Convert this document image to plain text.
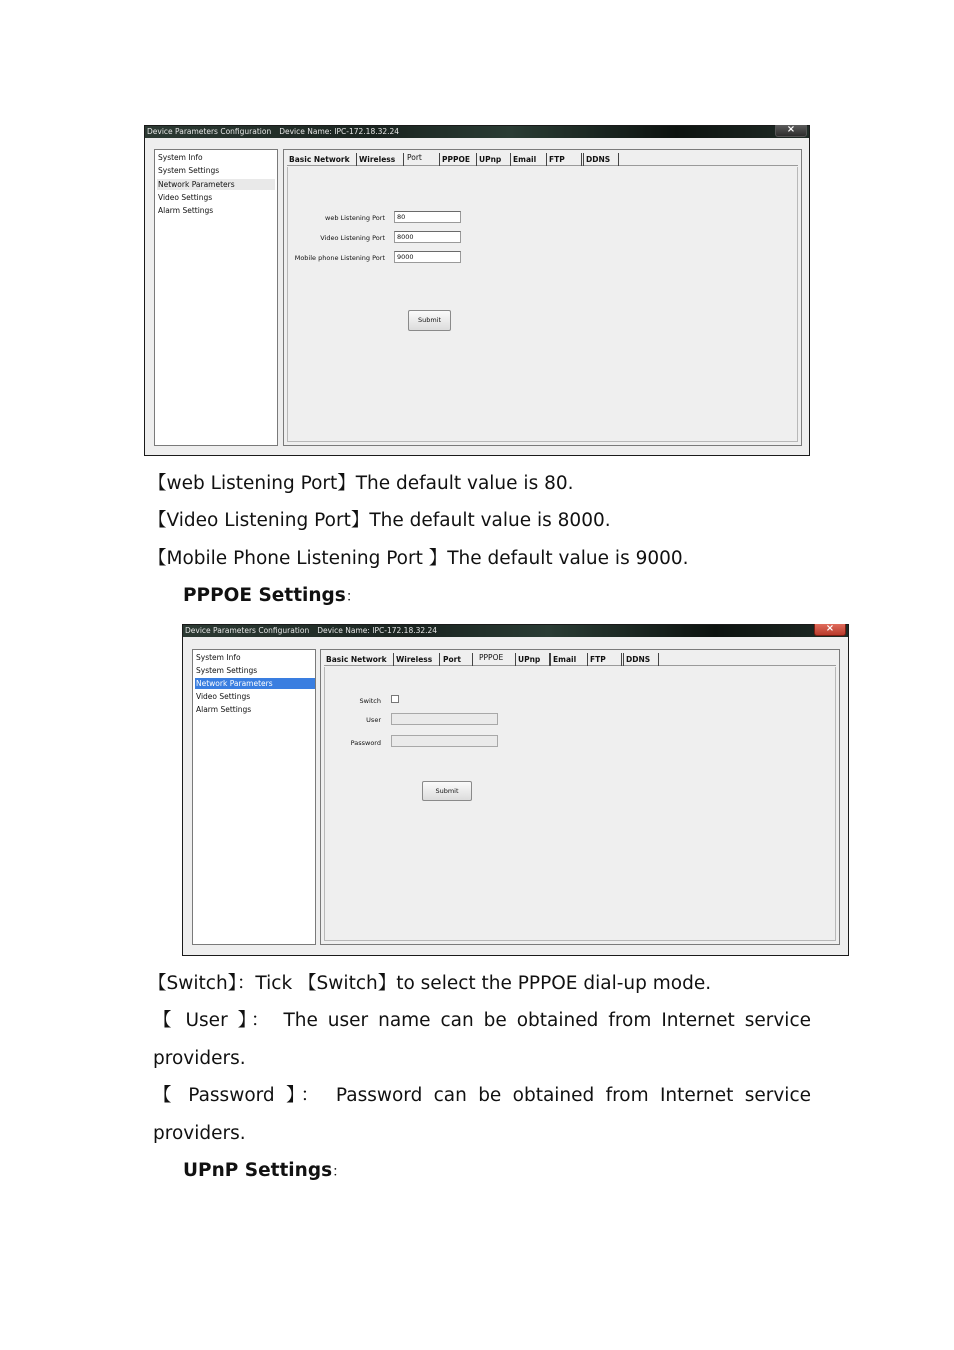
Device Parameters Configuration Device Name: IPC-172.18.32.24	×
System Info
System Settings
Network Parameters
Video Settings
Alarm Settings
Basic Network	Wireless	Port	PPPOE	UPnp	Email	FTP	DDNS
web Listening Port	80
Video Listening Port	8000
Mobile phone Listening Port	9000
Submit
【web Listening Port】The default value is 80.
【Video Listening Port】The default value is 8000.
【Mobile Phone Listening Port 】The default value is 9000.
PPPOE Settings：
Device Parameters Configuration Device Name: IPC-172.18.32.24	×
System Info
System Settings
Network Parameters
Video Settings
Alarm Settings
Basic Network	Wireless	Port	PPPOE	UPnp	Email	FTP	DDNS
Switch
User
Password
Submit
【Switch】：Tick 【Switch】to select the PPPOE dial-up mode.
【 User 】： The user name can be obtained from Internet service
providers.
【 Password 】： Password can be obtained from Internet service
providers.
UPnP Settings：
